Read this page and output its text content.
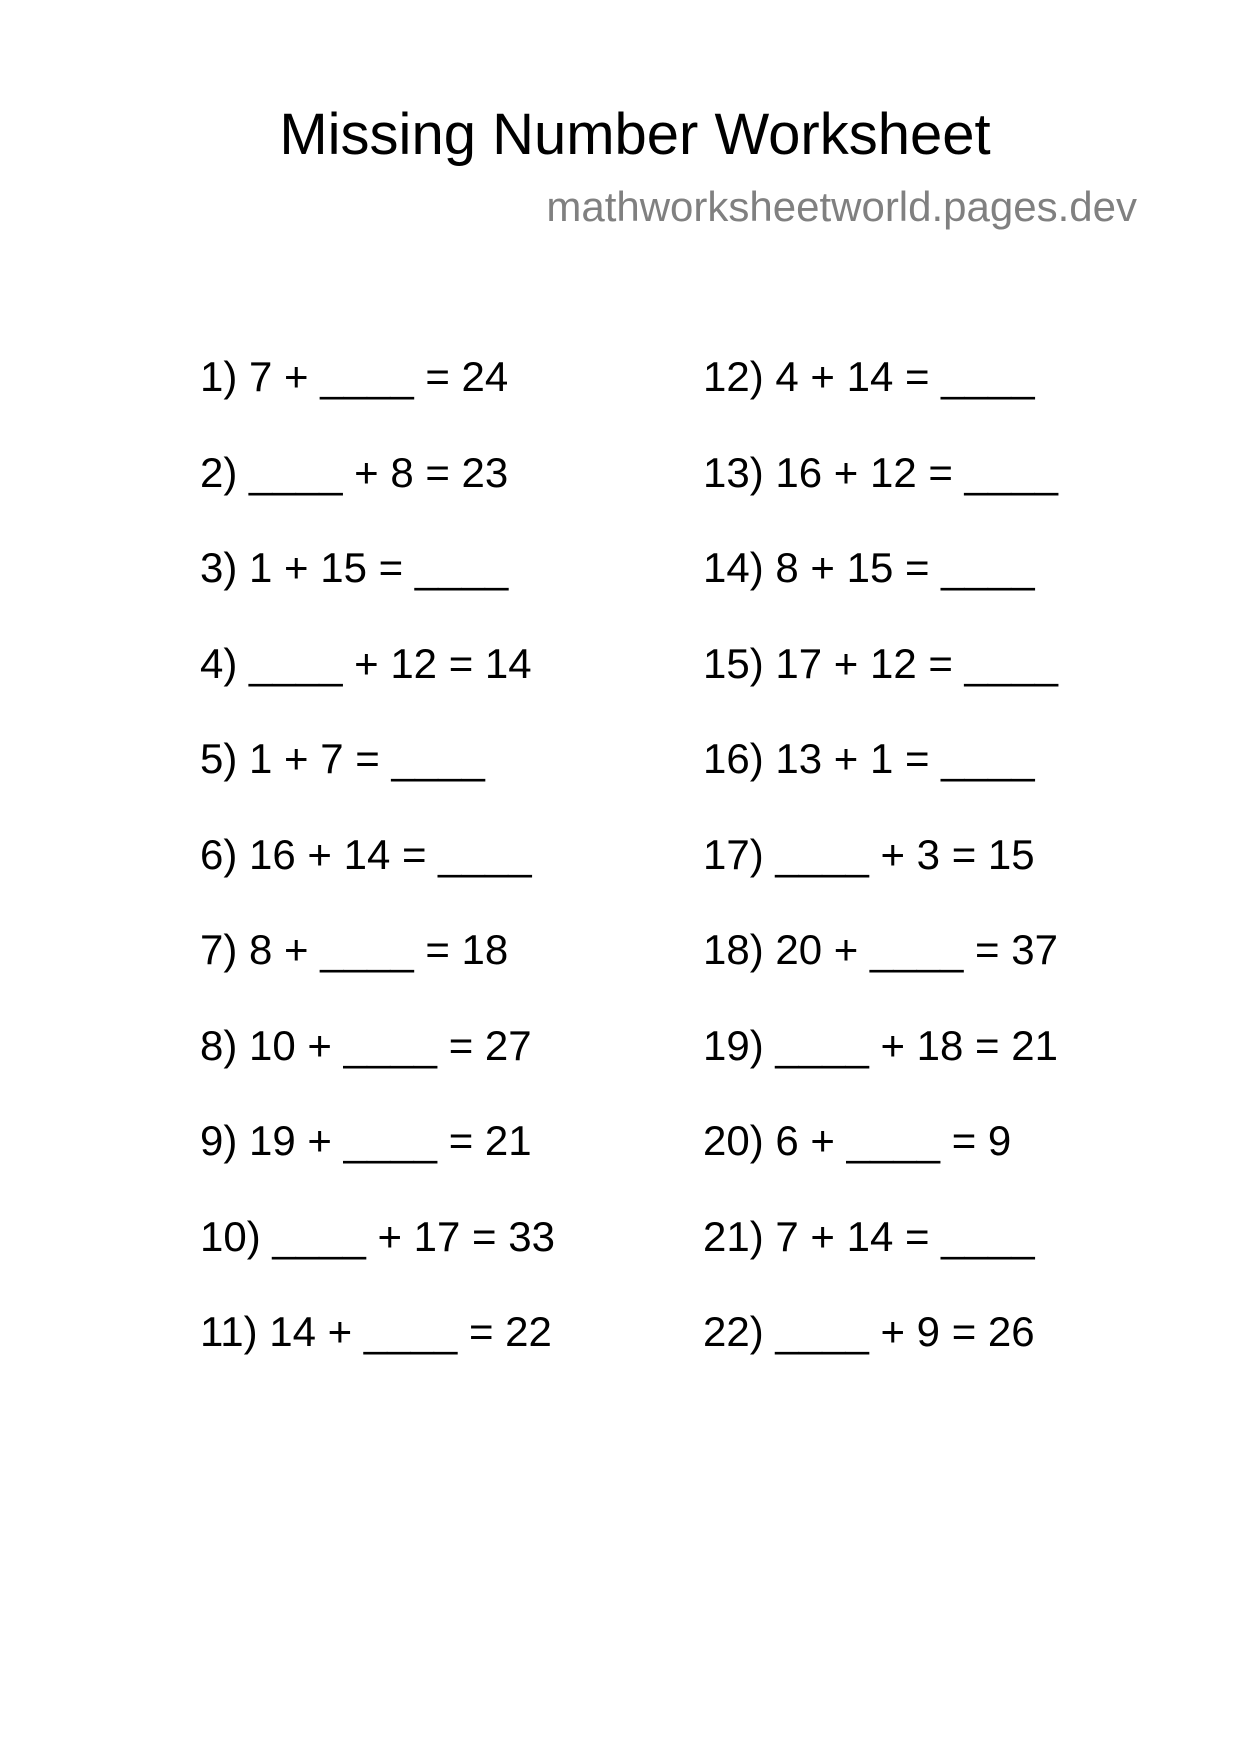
Missing Number Worksheet
mathworksheetworld.pages.dev
1) 7 + ____ = 24
2) ____ + 8 = 23
3) 1 + 15 = ____
4) ____ + 12 = 14
5) 1 + 7 = ____
6) 16 + 14 = ____
7) 8 + ____ = 18
8) 10 + ____ = 27
9) 19 + ____ = 21
10) ____ + 17 = 33
11) 14 + ____ = 22
12) 4 + 14 = ____
13) 16 + 12 = ____
14) 8 + 15 = ____
15) 17 + 12 = ____
16) 13 + 1 = ____
17) ____ + 3 = 15
18) 20 + ____ = 37
19) ____ + 18 = 21
20) 6 + ____ = 9
21) 7 + 14 = ____
22) ____ + 9 = 26
